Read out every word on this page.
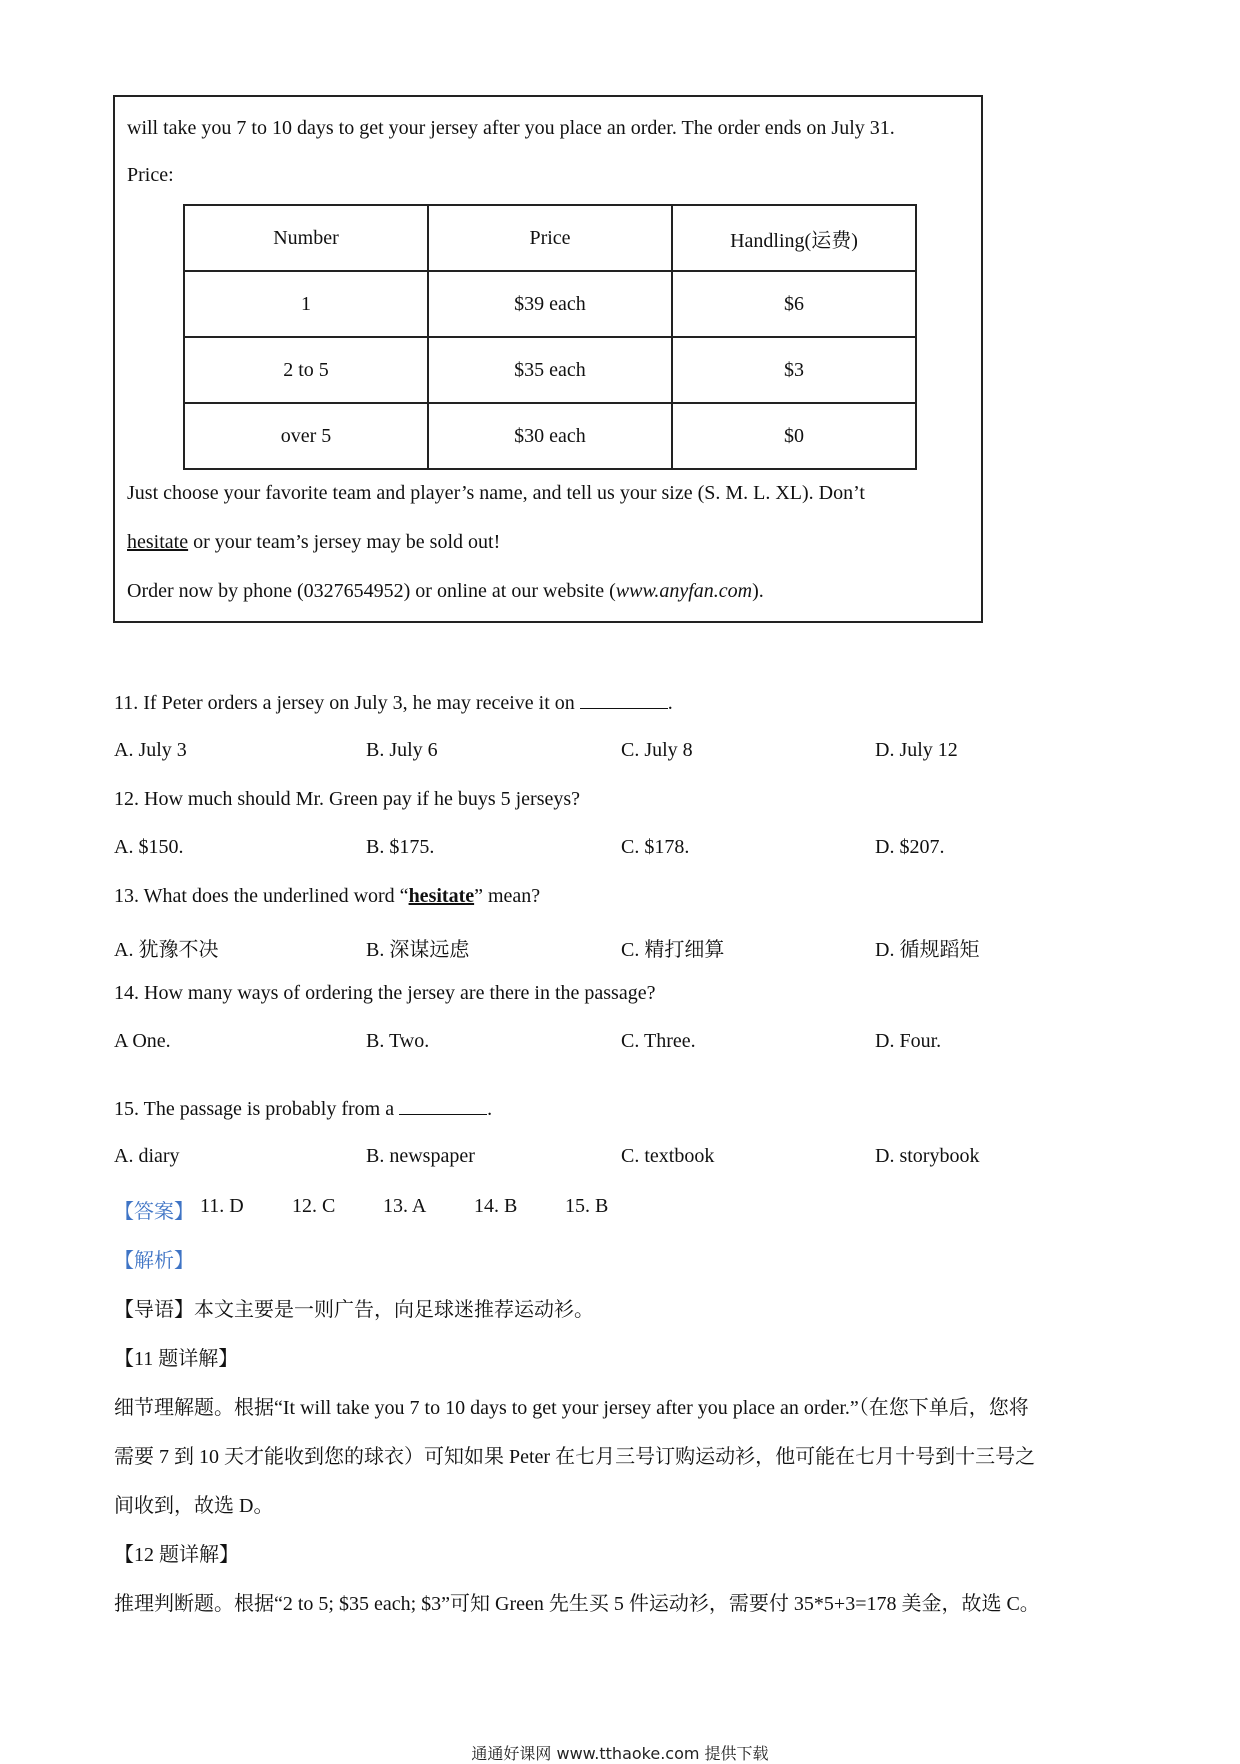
will take you 7 to 10 days to get your jersey after you place an order. The order ends on July 31.
Price:
Number	Price	Handling(运费)
1	$39 each	$6
2 to 5	$35 each	$3
over 5	$30 each	$0
Just choose your favorite team and player’s name, and tell us your size (S. M. L. XL). Don’t
hesitate or your team’s jersey may be sold out!
Order now by phone (0327654952) or online at our website (www.anyfan.com).
11. If Peter orders a jersey on July 3, he may receive it on	.
A. July 3	B. July 6	C. July 8	D. July 12
12. How much should Mr. Green pay if he buys 5 jerseys?
A. $150.	B. $175.	C. $178.	D. $207.
13. What does the underlined word “hesitate” mean?
A. 犹豫不决	B. 深谋远虑	C. 精打细算	D. 循规蹈矩
14. How many ways of ordering the jersey are there in the passage?
A One.	B. Two.	C. Three.	D. Four.
15. The passage is probably from a	.
A. diary	B. newspaper	C. textbook	D. storybook
【答案】 11. D 12. C 13. A 14. B 15. B
【解析】
【导语】本文主要是一则广告，向足球迷推荐运动衫。
【11 题详解】
细节理解题。根据“It will take you 7 to 10 days to get your jersey after you place an order.”（在您下单后，您将
需要 7 到 10 天才能收到您的球衣）可知如果 Peter 在七月三号订购运动衫，他可能在七月十号到十三号之
间收到，故选 D。
【12 题详解】
推理判断题。根据“2 to 5; $35 each; $3”可知 Green 先生买 5 件运动衫，需要付 35*5+3=178 美金，故选 C。
通通好课网 www.tthaoke.com 提供下载
